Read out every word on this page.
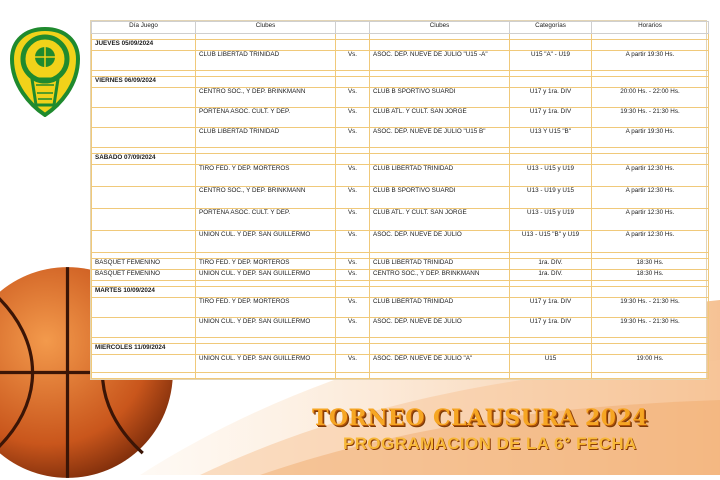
Día Juego	Clubes		Clubes	Categorías	Horarios

JUEVES 05/09/2024					
	CLUB LIBERTAD TRINIDAD	Vs.	ASOC. DEP. NUEVE DE JULIO "U15 -A"	U15 "A" - U19	A partir 19:30 Hs.

VIERNES 06/09/2024					
	CENTRO SOC., Y DEP. BRINKMANN	Vs.	CLUB B SPORTIVO SUARDI	U17 y 1ra. DIV	20:00 Hs. - 22:00 Hs.
	PORTEÑA ASOC. CULT. Y DEP.	Vs.	CLUB ATL. Y CULT. SAN JORGE	U17 y 1ra. DIV	19:30 Hs. - 21:30 Hs.
	CLUB LIBERTAD TRINIDAD	Vs.	ASOC. DEP. NUEVE DE JULIO "U15 B"	U13 Y U15 "B"	A partir 19:30 Hs.

SABADO 07/09/2024					
	TIRO FED. Y DEP. MORTEROS	Vs.	CLUB LIBERTAD TRINIDAD	U13 - U15 y U19	A partir 12:30 Hs.
	CENTRO SOC., Y DEP. BRINKMANN	Vs.	CLUB B SPORTIVO SUARDI	U13 - U19 y U15	A partir 12:30 Hs.
	PORTEÑA ASOC. CULT. Y DEP.	Vs.	CLUB ATL. Y CULT. SAN JORGE	U13 - U15 y U19	A partir 12:30 Hs.
	UNION CUL. Y DEP. SAN GUILLERMO	Vs.	ASOC. DEP. NUEVE DE JULIO	U13 - U15 "B" y U19	A partir 12:30 Hs.

BASQUET FEMENINO	TIRO FED. Y DEP. MORTEROS	Vs.	CLUB LIBERTAD TRINIDAD	1ra. DIV.	18:30 Hs.
BASQUET FEMENINO	UNION CUL. Y DEP. SAN GUILLERMO	Vs.	CENTRO SOC., Y DEP. BRINKMANN	1ra. DIV.	18:30 Hs.

MARTES 10/09/2024					
	TIRO FED. Y DEP. MORTEROS	Vs.	CLUB LIBERTAD TRINIDAD	U17 y 1ra. DIV	19:30 Hs. - 21:30 Hs.
	UNION CUL. Y DEP. SAN GUILLERMO	Vs.	ASOC. DEP. NUEVE DE JULIO	U17 y 1ra. DIV	19:30 Hs. - 21:30 Hs.

MIERCOLES 11/09/2024					
	UNION CUL. Y DEP. SAN GUILLERMO	Vs.	ASOC. DEP. NUEVE DE JULIO "A"	U15	19:00 Hs.

TORNEO CLAUSURA 2024
PROGRAMACION DE LA 6° FECHA
